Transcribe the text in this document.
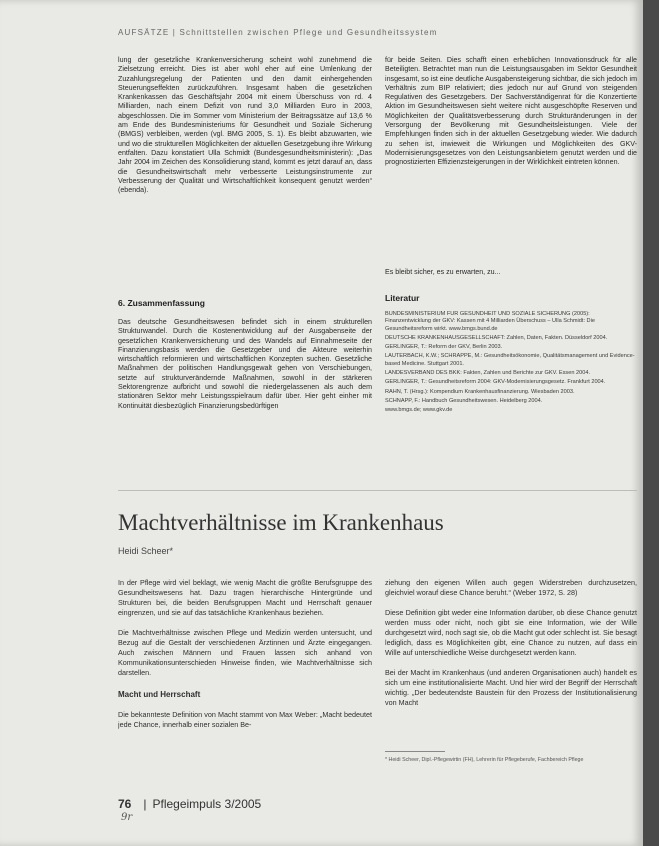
AUFSÄTZE | Schnittstellen zwischen Pflege und Gesundheitssystem

lung der gesetzliche Krankenversicherung scheint wohl zunehmend die Zielsetzung erreicht. Dies ist aber wohl eher auf eine Umlenkung der Zuzahlungsregelung der Patienten und den damit einhergehenden Steuerungseffekten zurückzuführen. Insgesamt haben die gesetzlichen Krankenkassen das Geschäftsjahr 2004 mit einem Überschuss von rd. 4 Milliarden, nach einem Defizit von rund 3,0 Milliarden Euro in 2003, abgeschlossen. Die im Sommer vom Ministerium der Beitragssätze auf 13,6 % am Ende des Bundesministeriums für Gesundheit und Soziale Sicherung (BMGS) verbleiben, werden (vgl. BMG 2005, S. 1). Es bleibt abzuwarten, wie und wo die strukturellen Möglichkeiten der aktuellen Gesetzgebung ihre Wirkung entfalten. Dazu konstatiert Ulla Schmidt (Bundesgesundheitsministerin): „Das Jahr 2004 im Zeichen des Konsolidierung stand, kommt es jetzt darauf an, dass die Gesundheitswirtschaft mehr verbesserte Leistungsinstrumente zur Verbesserung der Qualität und Wirtschaftlichkeit konsequent genutzt werden“ (ebenda).

6. Zusammenfassung

Das deutsche Gesundheitswesen befindet sich in einem strukturellen Strukturwandel. Durch die Kostenentwicklung auf der Ausgabenseite der gesetzlichen Krankenversicherung und des Wandels auf Einnahmeseite der Finanzierungsbasis werden die Gesetzgeber und die Akteure weiterhin wirtschaftlich reformieren und wirtschaftlichen Konzepten suchen. Gesetzliche Maßnahmen der politischen Handlungsgewalt gehen von Verschiebungen, setzte auf strukturverändernde Maßnahmen, sowohl in der stärkeren Sektorengrenze aufbricht und sowohl die niedergelassenen als auch dem stationären Sektor mehr Leistungsspielraum dafür über. Hier geht einher mit Kontinuität diesbezüglich Finanzierungsbedürftigen

für beide Seiten. Dies schafft einen erheblichen Innovationsdruck für alle Beteiligten. Betrachtet man nun die Leistungsausgaben im Sektor Gesundheit insgesamt, so ist eine deutliche Ausgabensteigerung sichtbar, die sich jedoch im Verhältnis zum BIP relativiert; dies jedoch nur auf Grund von steigenden Regulativen des Gesetzgebers. Der Sachverständigenrat für die Konzertierte Aktion im Gesundheitswesen sieht weitere nicht ausgeschöpfte Reserven und Möglichkeiten der Qualitätsverbesserung durch Strukturänderungen in der Versorgung der Bevölkerung mit Gesundheitsleistungen. Viele der Empfehlungen finden sich in der aktuellen Gesetzgebung wieder. Wie dadurch zu sehen ist, inwieweit die Wirkungen und Möglichkeiten des GKV-Modernisierungsgesetzes von den Leistungsanbietern genutzt werden und die prognostizierten Effizienzsteigerungen in der Wirklichkeit eintreten können.

Es bleibt sicher, es zu erwarten, zu...

Literatur
BUNDESMINISTERIUM FÜR GESUNDHEIT UND SOZIALE SICHERUNG (2005): Finanzentwicklung der GKV: Kassen mit 4 Milliarden Überschuss – Ulla Schmidt: Die Gesundheitsreform wirkt. www.bmgs.bund.de
DEUTSCHE KRANKENHAUSGESELLSCHAFT: Zahlen, Daten, Fakten. Düsseldorf 2004.
GERLINGER, T.: Reform der GKV, Berlin 2003.
LAUTERBACH, K.W.; SCHRAPPE, M.: Gesundheitsökonomie, Qualitätsmanagement und Evidence-based Medicine. Stuttgart 2001.
LANDESVERBAND DES BKK: Fakten, Zahlen und Berichte zur GKV. Essen 2004.
GERLINGER, T.: Gesundheitsreform 2004: GKV-Modernisierungsgesetz. Frankfurt 2004.
RAHN, T. (Hrsg.): Kompendium Krankenhausfinanzierung. Wiesbaden 2003.
SCHNAPP, F.: Handbuch Gesundheitswesen. Heidelberg 2004.
www.bmgs.de; www.gkv.de
Machtverhältnisse im Krankenhaus
Heidi Scheer*

In der Pflege wird viel beklagt, wie wenig Macht die größte Berufsgruppe des Gesundheitswesens hat. Dazu tragen hierarchische Hintergründe und Strukturen bei, die beiden Berufsgruppen Macht und Herrschaft genauer eingrenzen, und sie auf das tatsächliche Krankenhaus beziehen.

Die Machtverhältnisse zwischen Pflege und Medizin werden untersucht, und Bezug auf die Gestalt der verschiedenen Ärztinnen und Ärzte eingegangen. Auch zwischen Männern und Frauen lassen sich anhand von Kommunikationsunterschieden Hinweise finden, wie Machtverhältnisse sich darstellen.

Macht und Herrschaft

Die bekannteste Definition von Macht stammt von Max Weber: „Macht bedeutet jede Chance, innerhalb einer sozialen Be-

ziehung den eigenen Willen auch gegen Widerstreben durchzusetzen, gleichviel worauf diese Chance beruht.“ (Weber 1972, S. 28)

Diese Definition gibt weder eine Information darüber, ob diese Chance genutzt werden muss oder nicht, noch gibt sie eine Information, wie der Wille durchgesetzt wird, noch sagt sie, ob die Macht gut oder schlecht ist. Sie besagt lediglich, dass es Möglichkeiten gibt, eine Chance zu nutzen, auf dass ein Wille auf unterschiedliche Weise durchgesetzt werden kann.

Bei der Macht im Krankenhaus (und anderen Organisationen auch) handelt es sich um eine institutionalisierte Macht. Und hier wird der Begriff der Herrschaft wichtig. „Der bedeutendste Baustein für den Prozess der Institutionalisierung von Macht

* Heidi Scheer, Dipl.-Pflegewirtin (FH), Lehrerin für Pflegeberufe, Fachbereich Pflege
76 | Pflegeimpuls 3/2005
9r
